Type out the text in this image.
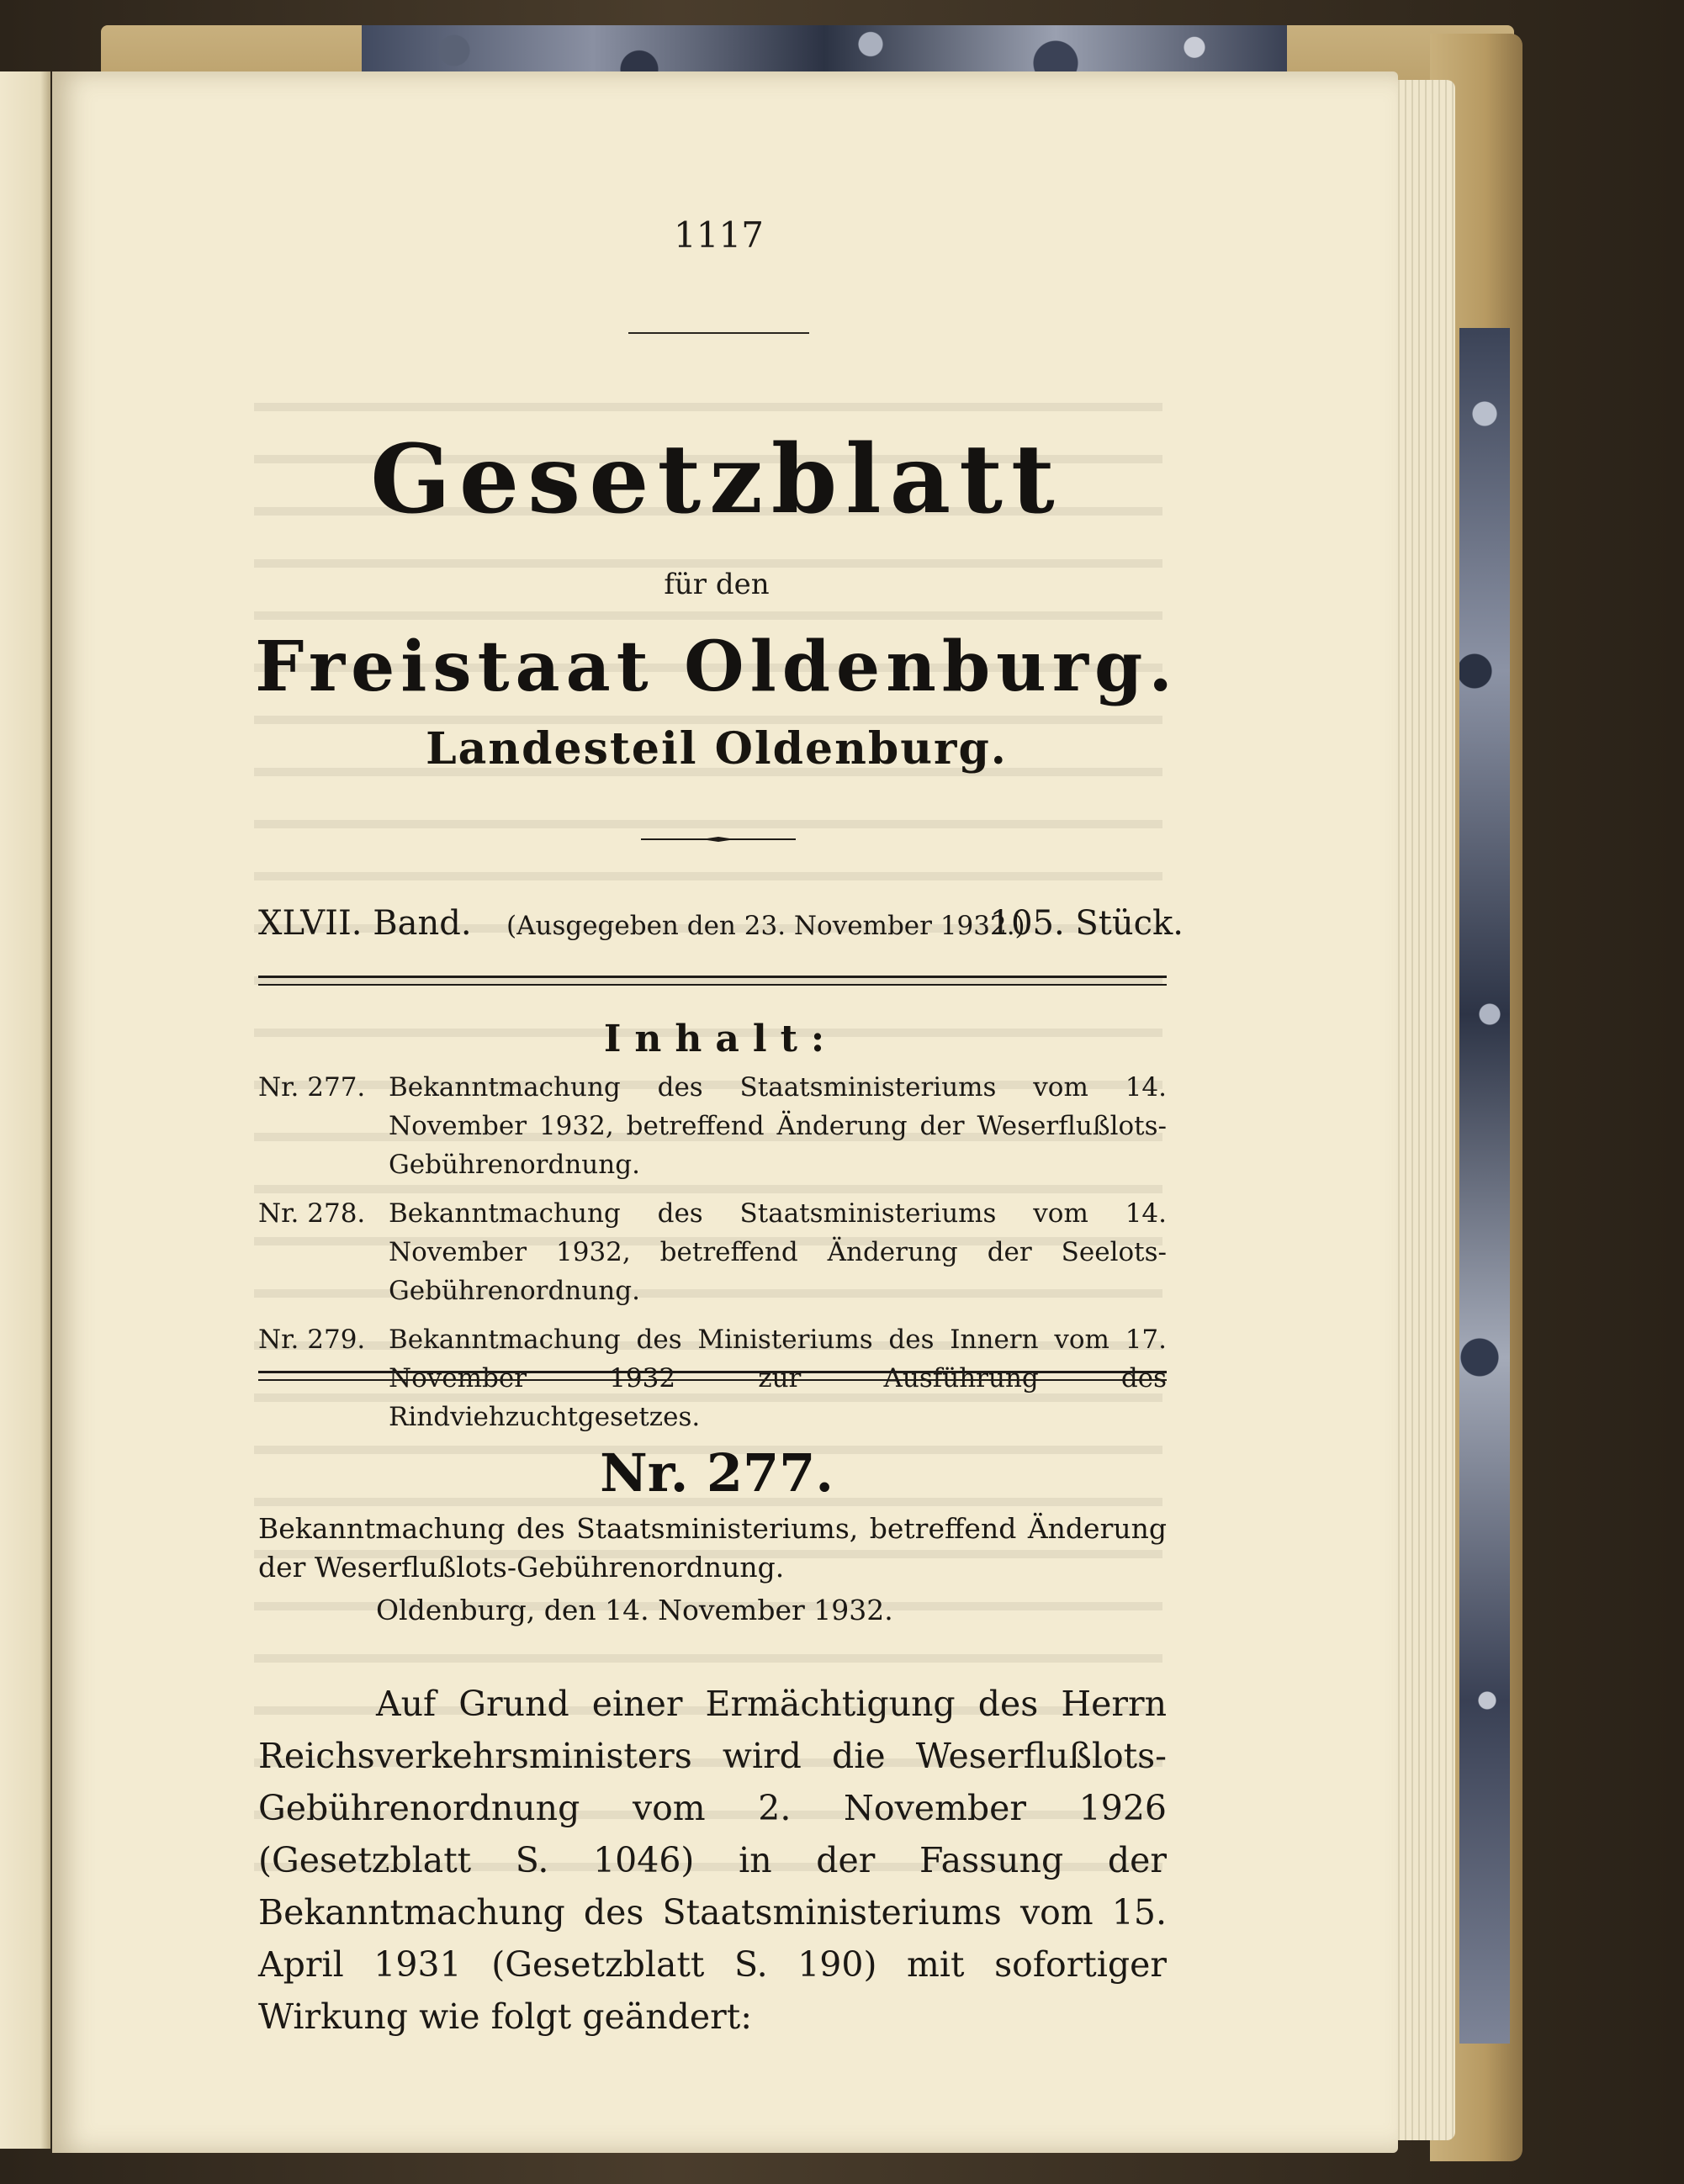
1117
Gesetzblatt
für den
Freistaat Oldenburg.
Landesteil Oldenburg.
XLVII. Band. (Ausgegeben den 23. November 1932.)
105. Stück.
Inhalt:
Nr. 277. Bekanntmachung des Staatsministeriums vom 14. November 1932, betreffend Änderung der Weserflußlots-Gebührenordnung.
Nr. 278. Bekanntmachung des Staatsministeriums vom 14. November 1932, betreffend Änderung der Seelots-Gebührenordnung.
Nr. 279. Bekanntmachung des Ministeriums des Innern vom 17. November 1932 zur Ausführung des Rindviehzuchtgesetzes.
Nr. 277.
Bekanntmachung des Staatsministeriums, betreffend Änderung der Weserflußlots-Gebührenordnung.
Oldenburg, den 14. November 1932.
Auf Grund einer Ermächtigung des Herrn Reichsverkehrsministers wird die Weserflußlots-Gebührenordnung vom 2. November 1926 (Gesetzblatt S. 1046) in der Fassung der Bekanntmachung des Staatsministeriums vom 15. April 1931 (Gesetzblatt S. 190) mit sofortiger Wirkung wie folgt geändert:
